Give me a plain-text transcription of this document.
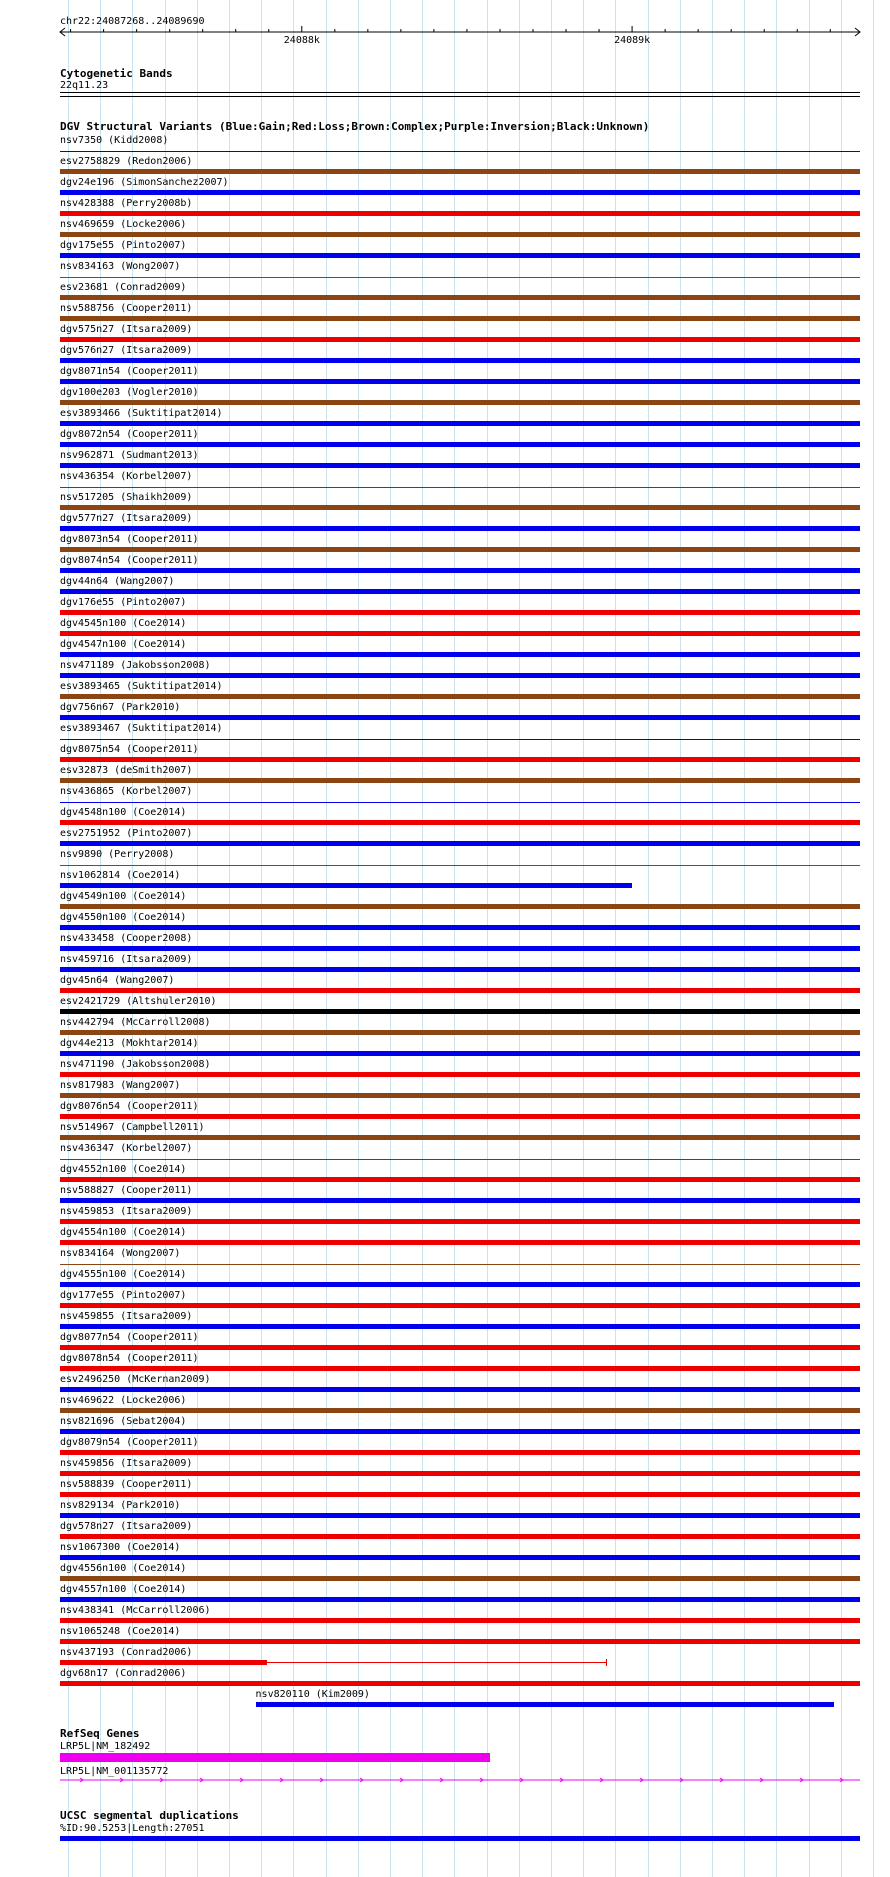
chr22:24087268..24089690
24088k	24089k
Cytogenetic Bands
22q11.23
DGV Structural Variants (Blue:Gain;Red:Loss;Brown:Complex;Purple:Inversion;Black:Unknown)
nsv7350 (Kidd2008)
esv2758829 (Redon2006)
dgv24e196 (SimonSanchez2007)
nsv428388 (Perry2008b)
nsv469659 (Locke2006)
dgv175e55 (Pinto2007)
nsv834163 (Wong2007)
esv23681 (Conrad2009)
nsv588756 (Cooper2011)
dgv575n27 (Itsara2009)
dgv576n27 (Itsara2009)
dgv8071n54 (Cooper2011)
dgv100e203 (Vogler2010)
esv3893466 (Suktitipat2014)
dgv8072n54 (Cooper2011)
nsv962871 (Sudmant2013)
nsv436354 (Korbel2007)
nsv517205 (Shaikh2009)
dgv577n27 (Itsara2009)
dgv8073n54 (Cooper2011)
dgv8074n54 (Cooper2011)
dgv44n64 (Wang2007)
dgv176e55 (Pinto2007)
dgv4545n100 (Coe2014)
dgv4547n100 (Coe2014)
nsv471189 (Jakobsson2008)
esv3893465 (Suktitipat2014)
dgv756n67 (Park2010)
esv3893467 (Suktitipat2014)
dgv8075n54 (Cooper2011)
esv32873 (deSmith2007)
nsv436865 (Korbel2007)
dgv4548n100 (Coe2014)
esv2751952 (Pinto2007)
nsv9890 (Perry2008)
nsv1062814 (Coe2014)
dgv4549n100 (Coe2014)
dgv4550n100 (Coe2014)
nsv433458 (Cooper2008)
nsv459716 (Itsara2009)
dgv45n64 (Wang2007)
esv2421729 (Altshuler2010)
nsv442794 (McCarroll2008)
dgv44e213 (Mokhtar2014)
nsv471190 (Jakobsson2008)
nsv817983 (Wang2007)
dgv8076n54 (Cooper2011)
nsv514967 (Campbell2011)
nsv436347 (Korbel2007)
dgv4552n100 (Coe2014)
nsv588827 (Cooper2011)
nsv459853 (Itsara2009)
dgv4554n100 (Coe2014)
nsv834164 (Wong2007)
dgv4555n100 (Coe2014)
dgv177e55 (Pinto2007)
nsv459855 (Itsara2009)
dgv8077n54 (Cooper2011)
dgv8078n54 (Cooper2011)
esv2496250 (McKernan2009)
nsv469622 (Locke2006)
nsv821696 (Sebat2004)
dgv8079n54 (Cooper2011)
nsv459856 (Itsara2009)
nsv588839 (Cooper2011)
nsv829134 (Park2010)
dgv578n27 (Itsara2009)
nsv1067300 (Coe2014)
dgv4556n100 (Coe2014)
dgv4557n100 (Coe2014)
nsv438341 (McCarroll2006)
nsv1065248 (Coe2014)
nsv437193 (Conrad2006)
dgv68n17 (Conrad2006)
nsv820110 (Kim2009)
RefSeq Genes
LRP5L|NM_182492
LRP5L|NM_001135772
UCSC segmental duplications
%ID:90.5253|Length:27051
